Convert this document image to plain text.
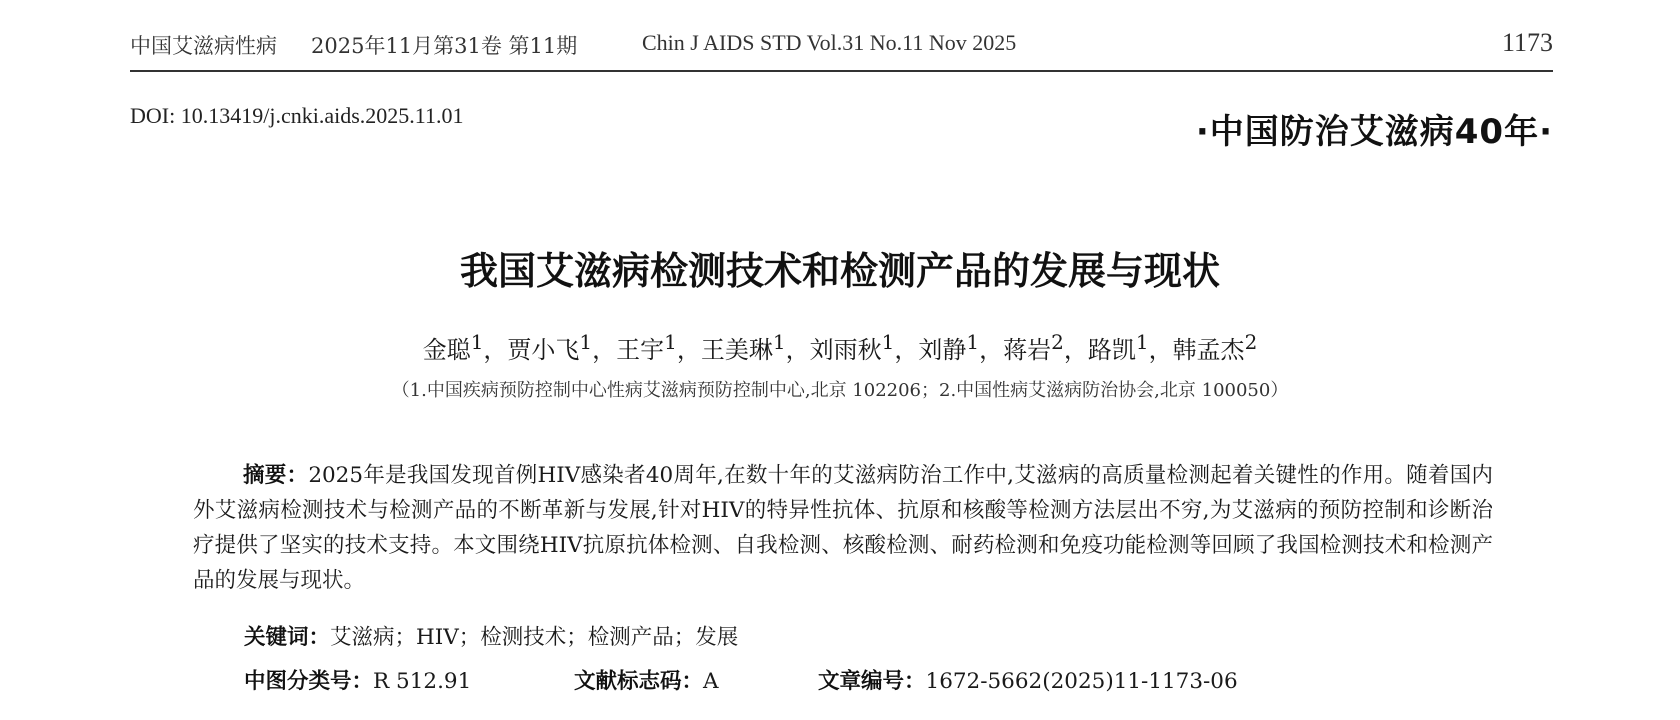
中国艾滋病性病 2025年11月第31卷 第11期	Chin J AIDS STD Vol.31 No.11 Nov 2025	1173
DOI: 10.13419/j.cnki.aids.2025.11.01	·中国防治艾滋病40年·
我国艾滋病检测技术和检测产品的发展与现状
金聪$^1$，贾小飞$^1$，王宇$^1$，王美琳$^1$，刘雨秋$^1$，刘静$^1$，蒋岩$^2$，路凯$^1$，韩孟杰$^2$
（1.中国疾病预防控制中心性病艾滋病预防控制中心,北京 102206；2.中国性病艾滋病防治协会,北京 100050）
摘要：2025年是我国发现首例HIV感染者40周年,在数十年的艾滋病防治工作中,艾滋病的高质量检测起着关键性的作用。随着国内外艾滋病检测技术与检测产品的不断革新与发展,针对HIV的特异性抗体、抗原和核酸等检测方法层出不穷,为艾滋病的预防控制和诊断治疗提供了坚实的技术支持。本文围绕HIV抗原抗体检测、自我检测、核酸检测、耐药检测和免疫功能检测等回顾了我国检测技术和检测产品的发展与现状。
关键词：艾滋病；HIV；检测技术；检测产品；发展
中图分类号：R 512.91	文献标志码：A	文章编号：1672-5662(2025)11-1173-06
